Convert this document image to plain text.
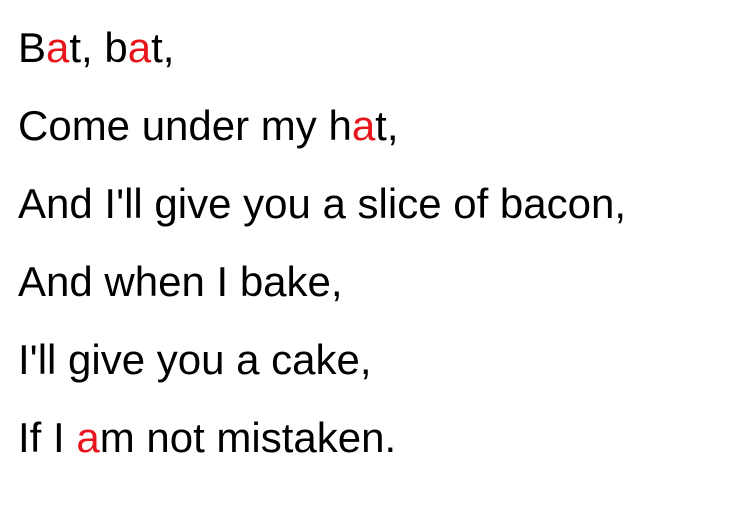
Bat, bat,
Come under my hat,
And I'll give you a slice of bacon,
And when I bake,
I'll give you a cake,
If I am not mistaken.
